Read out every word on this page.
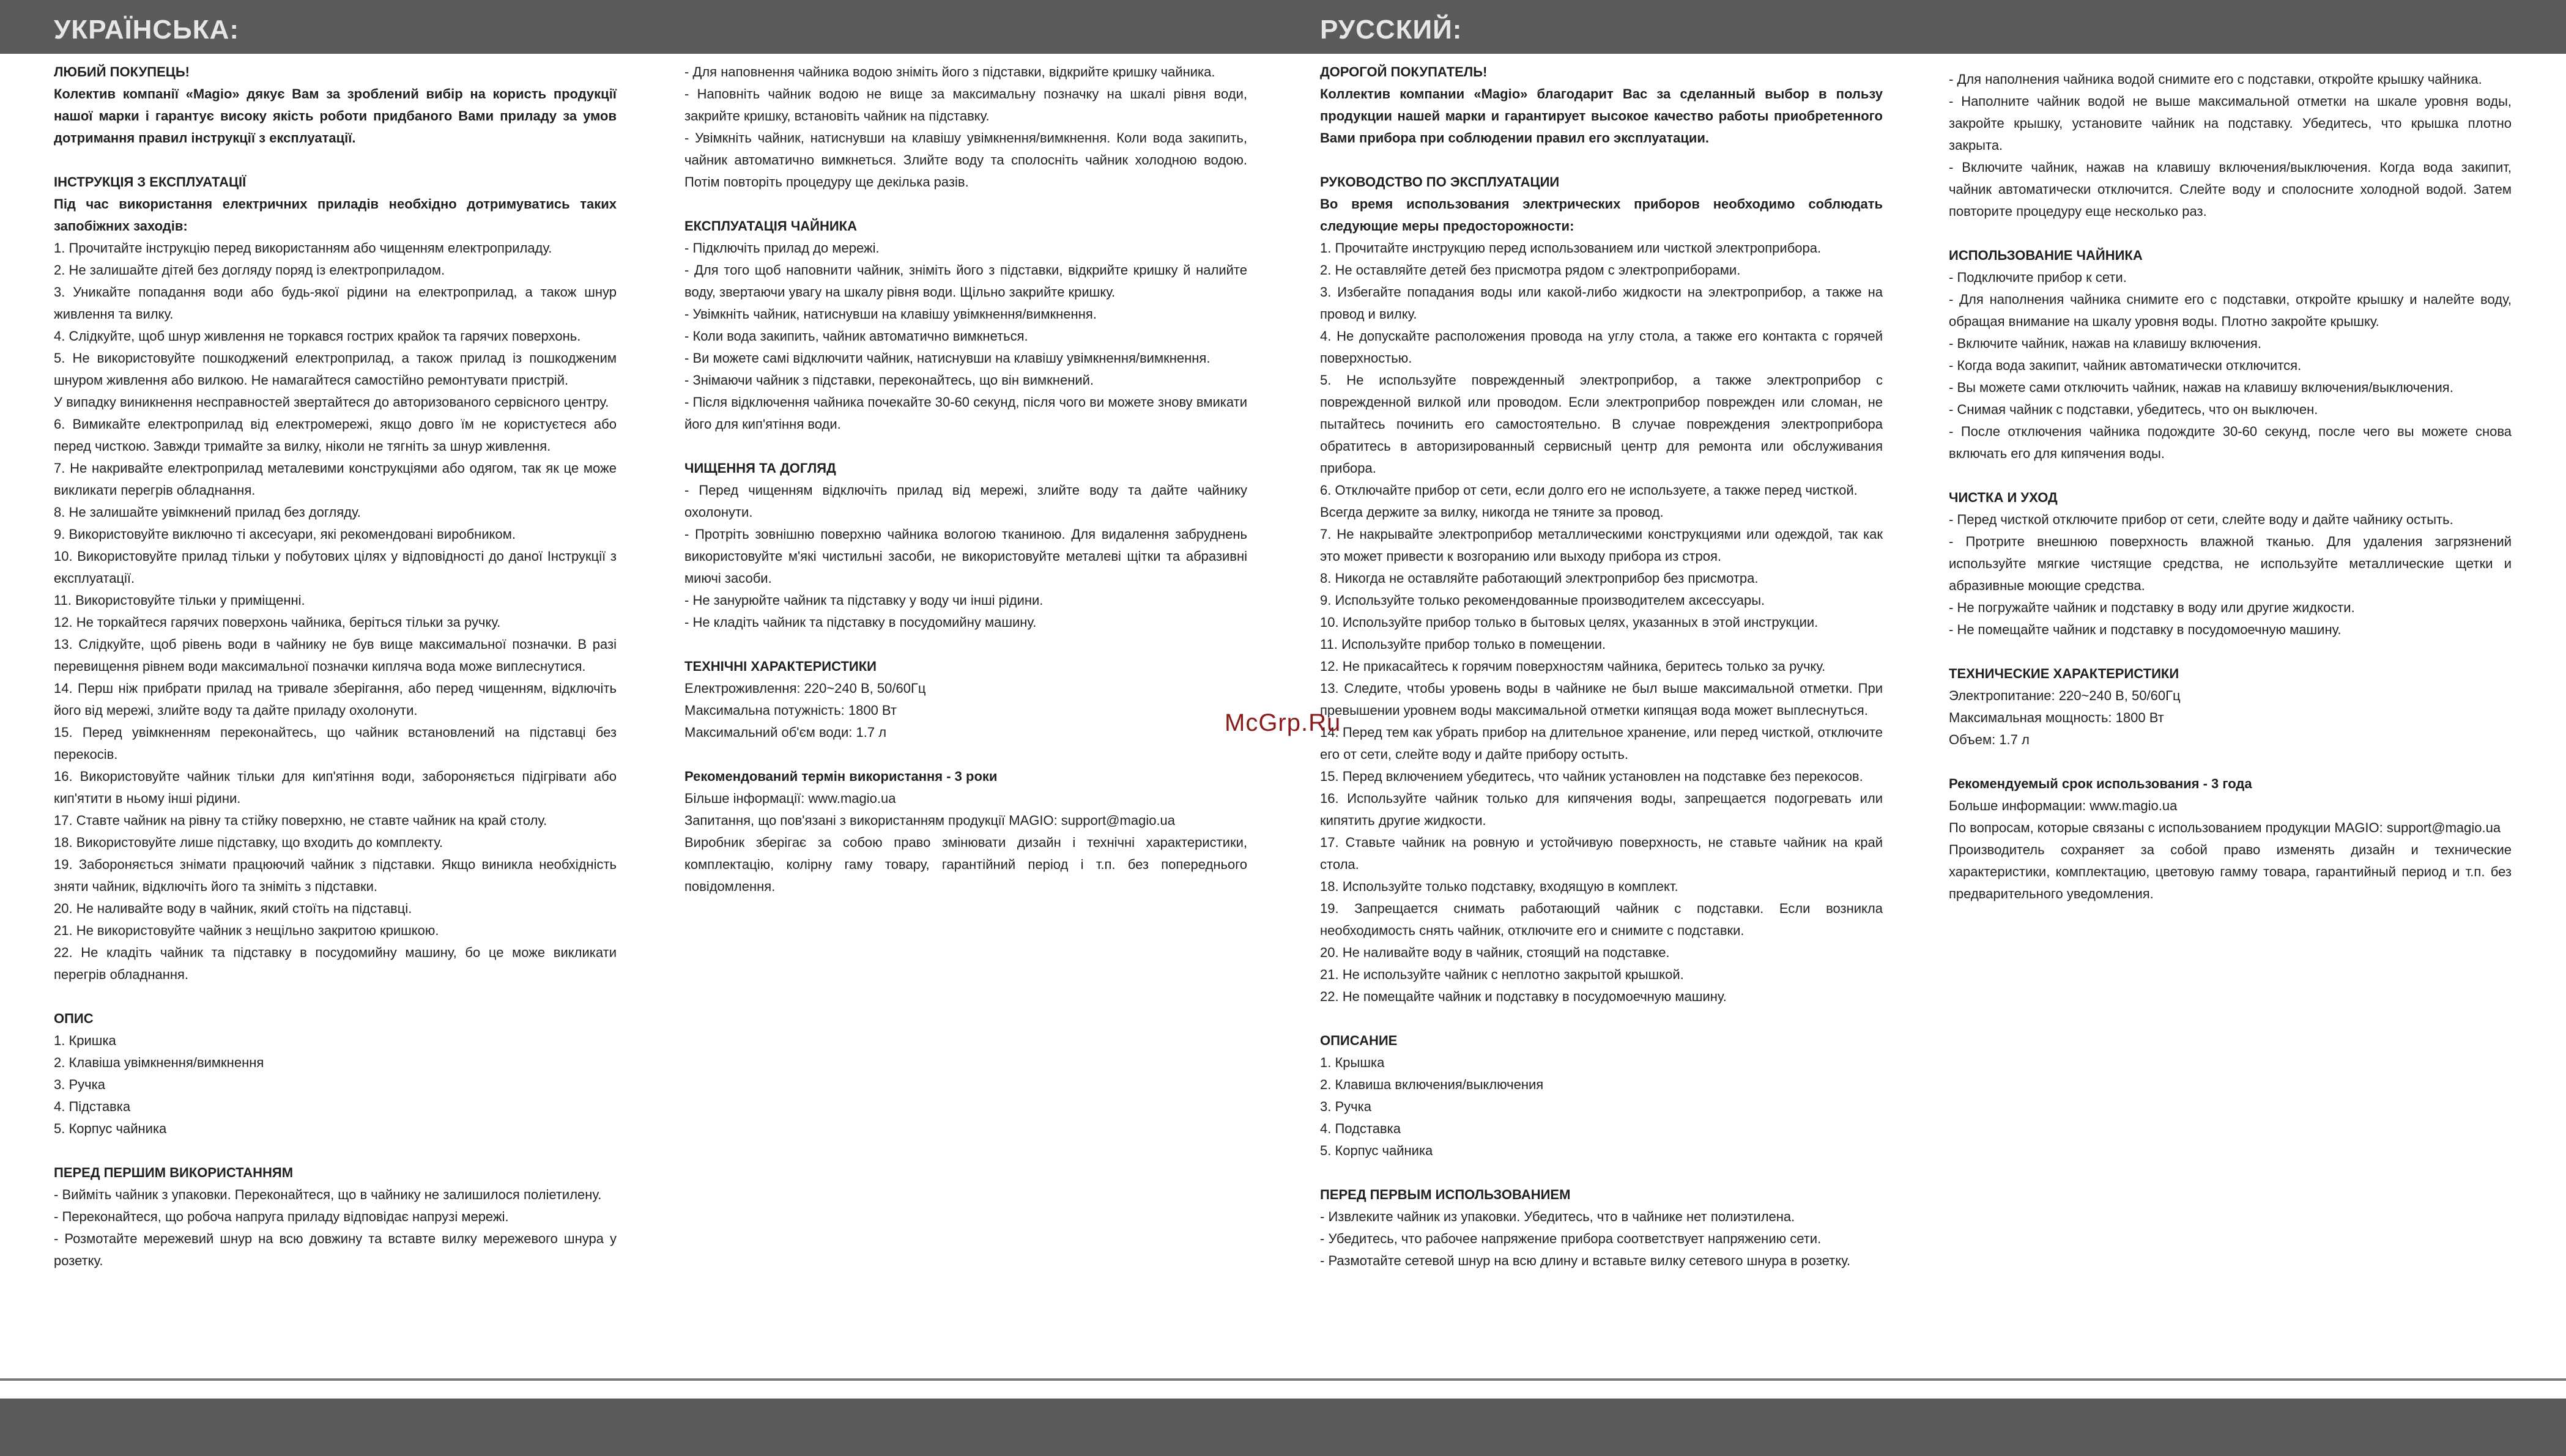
УКРАЇНСЬКА:	РУССКИЙ:

ЛЮБИЙ ПОКУПЕЦЬ!

Колектив компанії «Magio» дякує Вам за зроблений вибір на користь продукції нашої марки і гарантує високу якість роботи придбаного Вами приладу за умов дотримання правил інструкції з експлуатації.

ІНСТРУКЦІЯ З ЕКСПЛУАТАЦІЇ

Під час використання електричних приладів необхідно дотримуватись таких запобіжних заходів:

1. Прочитайте інструкцію перед використанням або чищенням електроприладу.

2. Не залишайте дітей без догляду поряд із електроприладом.

3. Уникайте попадання води або будь-якої рідини на електроприлад, а також шнур живлення та вилку.

4. Слідкуйте, щоб шнур живлення не торкався гострих крайок та гарячих поверхонь.

5. Не використовуйте пошкоджений електроприлад, а також прилад із пошкодженим шнуром живлення або вилкою. Не намагайтеся самостійно ремонтувати пристрій.

У випадку виникнення несправностей звертайтеся до авторизованого сервісного центру.

6. Вимикайте електроприлад від електромережі, якщо довго їм не користуєтеся або перед чисткою. Завжди тримайте за вилку, ніколи не тягніть за шнур живлення.

7. Не накривайте електроприлад металевими конструкціями або одягом, так як це може викликати перегрів обладнання.

8. Не залишайте увімкнений прилад без догляду.

9. Використовуйте виключно ті аксесуари, які рекомендовані виробником.

10. Використовуйте прилад тільки у побутових цілях у відповідності до даної Інструкції з експлуатації.

11. Використовуйте тільки у приміщенні.

12. Не торкайтеся гарячих поверхонь чайника, беріться тільки за ручку.

13. Слідкуйте, щоб рівень води в чайнику не був вище максимальної позначки. В разі перевищення рівнем води максимальної позначки кипляча вода може виплеснутися.

14. Перш ніж прибрати прилад на тривале зберігання, або перед чищенням, відключіть його від мережі, злийте воду та дайте приладу охолонути.

15. Перед увімкненням переконайтесь, що чайник встановлений на підставці без перекосів.

16. Використовуйте чайник тільки для кип'ятіння води, забороняється підігрівати або кип'ятити в ньому інші рідини.

17. Ставте чайник на рівну та стійку поверхню, не ставте чайник на край столу.

18. Використовуйте лише підставку, що входить до комплекту.

19. Забороняється знімати працюючий чайник з підставки. Якщо виникла необхідність зняти чайник, відключіть його та зніміть з підставки.

20. Не наливайте воду в чайник, який стоїть на підставці.

21. Не використовуйте чайник з нещільно закритою кришкою.

22. Не кладіть чайник та підставку в посудомийну машину, бо це може викликати перегрів обладнання.

ОПИС

1. Кришка

2. Клавіша увімкнення/вимкнення

3. Ручка

4. Підставка

5. Корпус чайника

ПЕРЕД ПЕРШИМ ВИКОРИСТАННЯМ

- Вийміть чайник з упаковки. Переконайтеся, що в чайнику не залишилося поліетилену.

- Переконайтеся, що робоча напруга приладу відповідає напрузі мережі.

- Розмотайте мережевий шнур на всю довжину та вставте вилку мережевого шнура у розетку.

- Для наповнення чайника водою зніміть його з підставки, відкрийте кришку чайника.

- Наповніть чайник водою не вище за максимальну позначку на шкалі рівня води, закрийте кришку, встановіть чайник на підставку.

- Увімкніть чайник, натиснувши на клавішу увімкнення/вимкнення. Коли вода закипить, чайник автоматично вимкнеться. Злийте воду та сполосніть чайник холодною водою. Потім повторіть процедуру ще декілька разів.

ЕКСПЛУАТАЦІЯ ЧАЙНИКА

- Підключіть прилад до мережі.

- Для того щоб наповнити чайник, зніміть його з підставки, відкрийте кришку й налийте воду, звертаючи увагу на шкалу рівня води. Щільно закрийте кришку.

- Увімкніть чайник, натиснувши на клавішу увімкнення/вимкнення.

- Коли вода закипить, чайник автоматично вимкнеться.

- Ви можете самі відключити чайник, натиснувши на клавішу увімкнення/вимкнення.

- Знімаючи чайник з підставки, переконайтесь, що він вимкнений.

- Після відключення чайника почекайте 30-60 секунд, після чого ви можете знову вмикати його для кип'ятіння води.

ЧИЩЕННЯ ТА ДОГЛЯД

- Перед чищенням відключіть прилад від мережі, злийте воду та дайте чайнику охолонути.

- Протріть зовнішню поверхню чайника вологою тканиною. Для видалення забруднень використовуйте м'які чистильні засоби, не використовуйте металеві щітки та абразивні миючі засоби.

- Не занурюйте чайник та підставку у воду чи інші рідини.

- Не кладіть чайник та підставку в посудомийну машину.

ТЕХНІЧНІ ХАРАКТЕРИСТИКИ

Електроживлення: 220~240 В, 50/60Гц

Максимальна потужність: 1800 Вт

Максимальний об'єм води: 1.7 л

Рекомендований термін використання - 3 роки

Більше інформації: www.magio.ua

Запитання, що пов'язані з використанням продукції MAGIO: support@magio.ua

Виробник зберігає за собою право змінювати дизайн і технічні характеристики, комплектацію, колірну гаму товару, гарантійний період і т.п. без попереднього повідомлення.

ДОРОГОЙ ПОКУПАТЕЛЬ!

Коллектив компании «Magio» благодарит Вас за сделанный выбор в пользу продукции нашей марки и гарантирует высокое качество работы приобретенного Вами прибора при соблюдении правил его эксплуатации.

РУКОВОДСТВО ПО ЭКСПЛУАТАЦИИ

Во время использования электрических приборов необходимо соблюдать следующие меры предосторожности:

1. Прочитайте инструкцию перед использованием или чисткой электроприбора.

2. Не оставляйте детей без присмотра рядом с электроприборами.

3. Избегайте попадания воды или какой-либо жидкости на электроприбор, а также на провод и вилку.

4. Не допускайте расположения провода на углу стола, а также его контакта с горячей поверхностью.

5. Не используйте поврежденный электроприбор, а также электроприбор с поврежденной вилкой или проводом. Если электроприбор поврежден или сломан, не пытайтесь починить его самостоятельно. В случае повреждения электроприбора обратитесь в авторизированный сервисный центр для ремонта или обслуживания прибора.

6. Отключайте прибор от сети, если долго его не используете, а также перед чисткой.

Всегда держите за вилку, никогда не тяните за провод.

7. Не накрывайте электроприбор металлическими конструкциями или одеждой, так как это может привести к возгоранию или выходу прибора из строя.

8. Никогда не оставляйте работающий электроприбор без присмотра.

9. Используйте только рекомендованные производителем аксессуары.

10. Используйте прибор только в бытовых целях, указанных в этой инструкции.

11. Используйте прибор только в помещении.

12. Не прикасайтесь к горячим поверхностям чайника, беритесь только за ручку.

13. Следите, чтобы уровень воды в чайнике не был выше максимальной отметки. При превышении уровнем воды максимальной отметки кипящая вода может выплеснуться.

14. Перед тем как убрать прибор на длительное хранение, или перед чисткой, отключите его от сети, слейте воду и дайте прибору остыть.

15. Перед включением убедитесь, что чайник установлен на подставке без перекосов.

16. Используйте чайник только для кипячения воды, запрещается подогревать или кипятить другие жидкости.

17. Ставьте чайник на ровную и устойчивую поверхность, не ставьте чайник на край стола.

18. Используйте только подставку, входящую в комплект.

19. Запрещается снимать работающий чайник с подставки. Если возникла необходимость снять чайник, отключите его и снимите с подставки.

20. Не наливайте воду в чайник, стоящий на подставке.

21. Не используйте чайник с неплотно закрытой крышкой.

22. Не помещайте чайник и подставку в посудомоечную машину.

ОПИСАНИЕ

1. Крышка

2. Клавиша включения/выключения

3. Ручка

4. Подставка

5. Корпус чайника

ПЕРЕД ПЕРВЫМ ИСПОЛЬЗОВАНИЕМ

- Извлеките чайник из упаковки. Убедитесь, что в чайнике нет полиэтилена.

- Убедитесь, что рабочее напряжение прибора соответствует напряжению сети.

- Размотайте сетевой шнур на всю длину и вставьте вилку сетевого шнура в розетку.

- Для наполнения чайника водой снимите его с подставки, откройте крышку чайника.

- Наполните чайник водой не выше максимальной отметки на шкале уровня воды, закройте крышку, установите чайник на подставку. Убедитесь, что крышка плотно закрыта.

- Включите чайник, нажав на клавишу включения/выключения. Когда вода закипит, чайник автоматически отключится. Слейте воду и сполосните холодной водой. Затем повторите процедуру еще несколько раз.

ИСПОЛЬЗОВАНИЕ ЧАЙНИКА

- Подключите прибор к сети.

- Для наполнения чайника снимите его с подставки, откройте крышку и налейте воду, обращая внимание на шкалу уровня воды. Плотно закройте крышку.

- Включите чайник, нажав на клавишу включения.

- Когда вода закипит, чайник автоматически отключится.

- Вы можете сами отключить чайник, нажав на клавишу включения/выключения.

- Снимая чайник с подставки, убедитесь, что он выключен.

- После отключения чайника подождите 30-60 секунд, после чего вы можете снова включать его для кипячения воды.

ЧИСТКА И УХОД

- Перед чисткой отключите прибор от сети, слейте воду и дайте чайнику остыть.

- Протрите внешнюю поверхность влажной тканью. Для удаления загрязнений используйте мягкие чистящие средства, не используйте металлические щетки и абразивные моющие средства.

- Не погружайте чайник и подставку в воду или другие жидкости.

- Не помещайте чайник и подставку в посудомоечную машину.

ТЕХНИЧЕСКИЕ ХАРАКТЕРИСТИКИ

Электропитание: 220~240 В, 50/60Гц

Максимальная мощность: 1800 Вт

Объем: 1.7 л

Рекомендуемый срок использования - 3 года

Больше информации: www.magio.ua

По вопросам, которые связаны с использованием продукции MAGIO: support@magio.ua

Производитель сохраняет за собой право изменять дизайн и технические характеристики, комплектацию, цветовую гамму товара, гарантийный период и т.п. без предварительного уведомления.

McGrp.Ru
